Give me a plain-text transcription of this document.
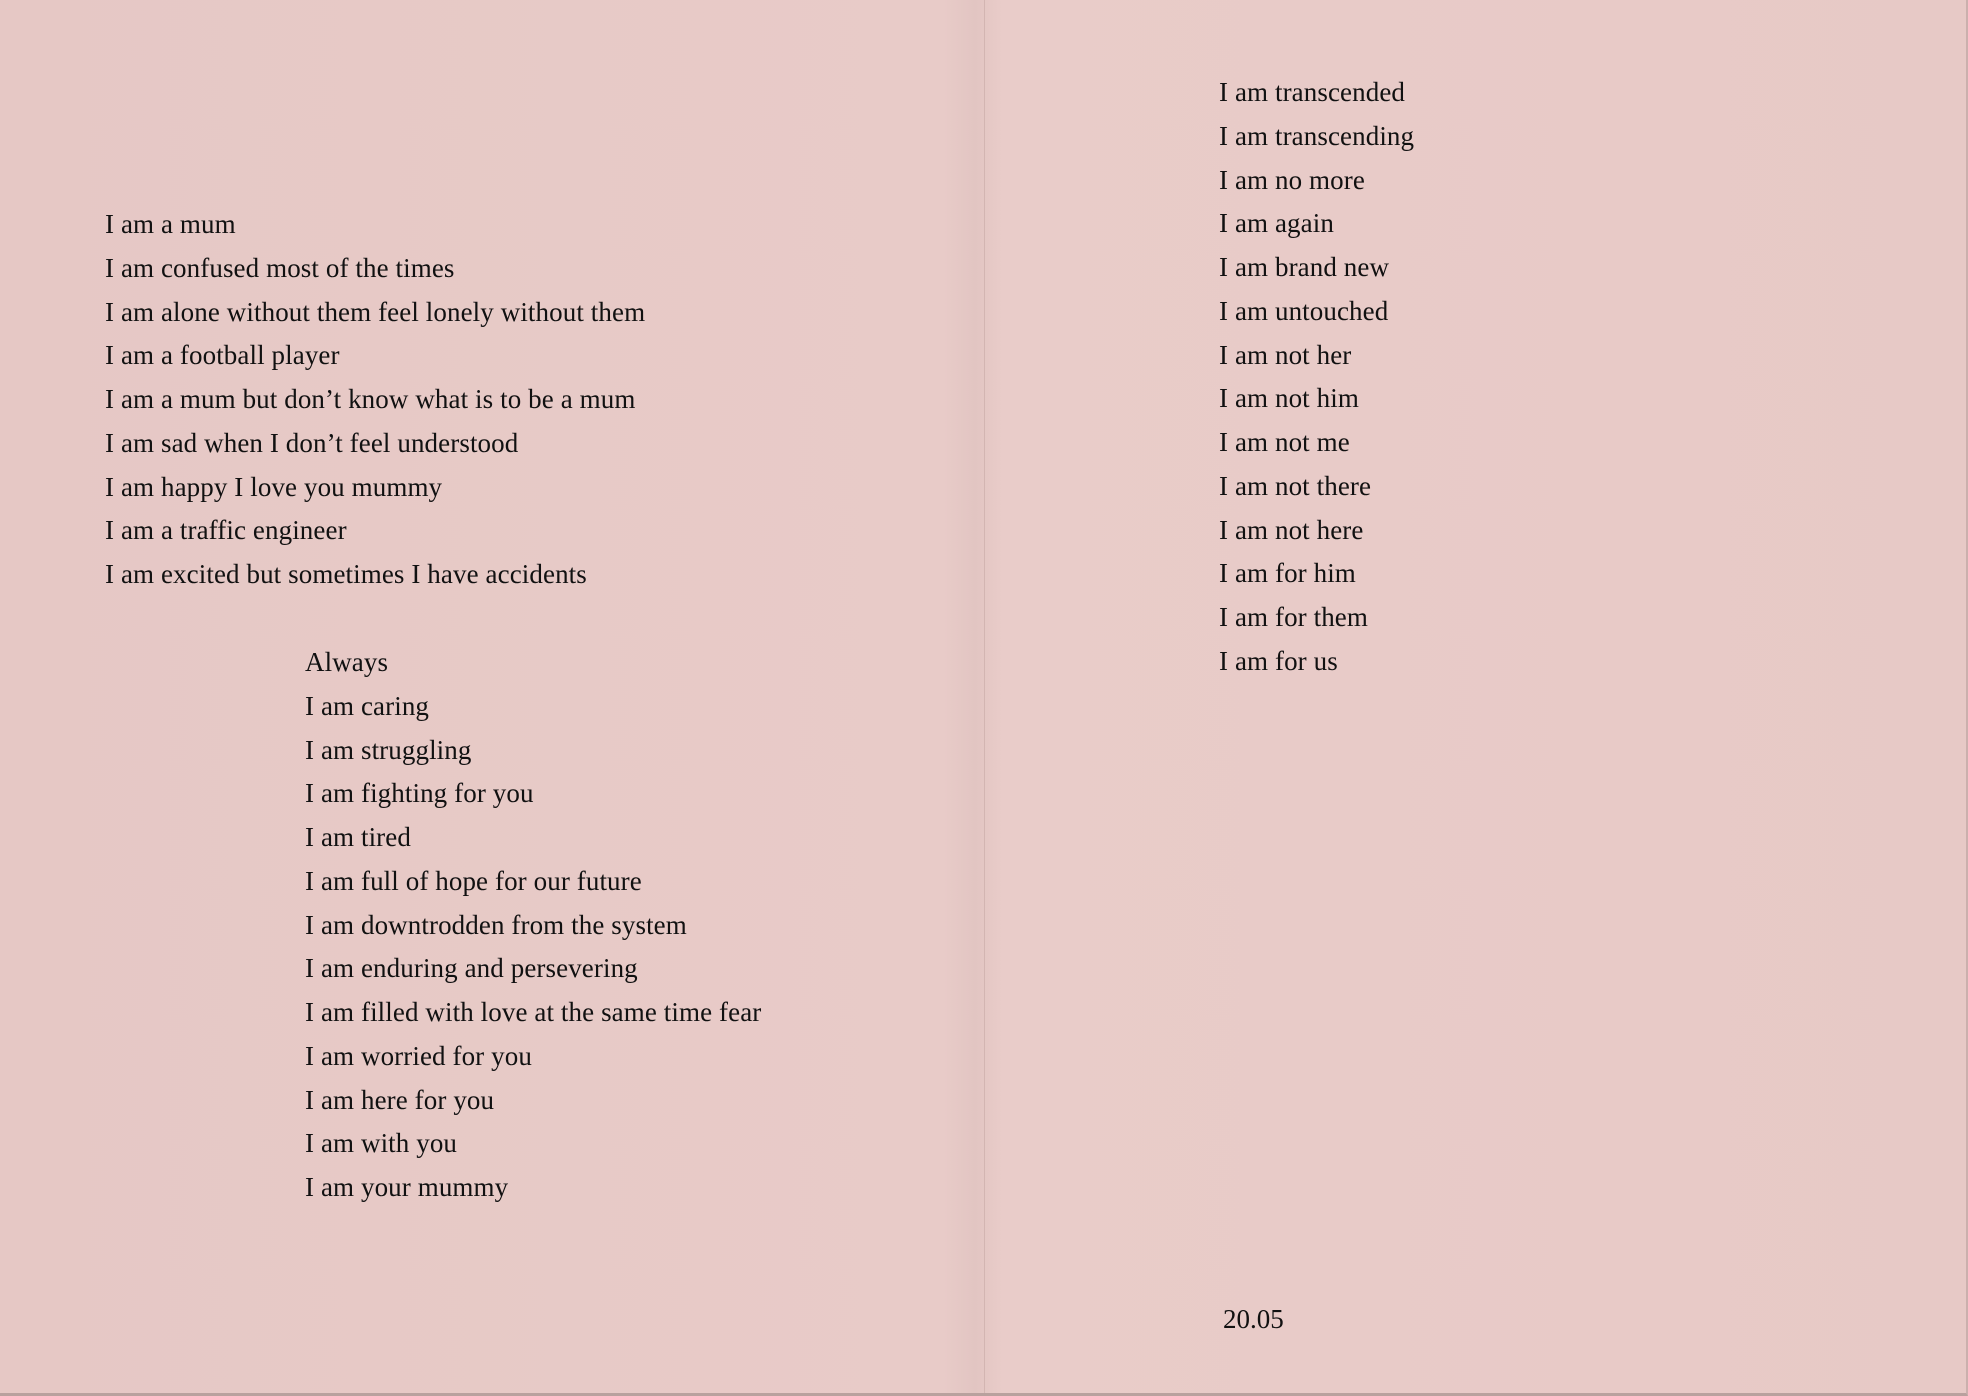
I am a mum
I am confused most of the times
I am alone without them feel lonely without them
I am a football player
I am a mum but don’t know what is to be a mum
I am sad when I don’t feel understood
I am happy I love you mummy
I am a traffic engineer
I am excited but sometimes I have accidents
Always
I am caring
I am struggling
I am fighting for you
I am tired
I am full of hope for our future
I am downtrodden from the system
I am enduring and persevering
I am filled with love at the same time fear
I am worried for you
I am here for you
I am with you
I am your mummy
I am transcended
I am transcending
I am no more
I am again
I am brand new
I am untouched
I am not her
I am not him
I am not me
I am not there
I am not here
I am for him
I am for them
I am for us
20.05
